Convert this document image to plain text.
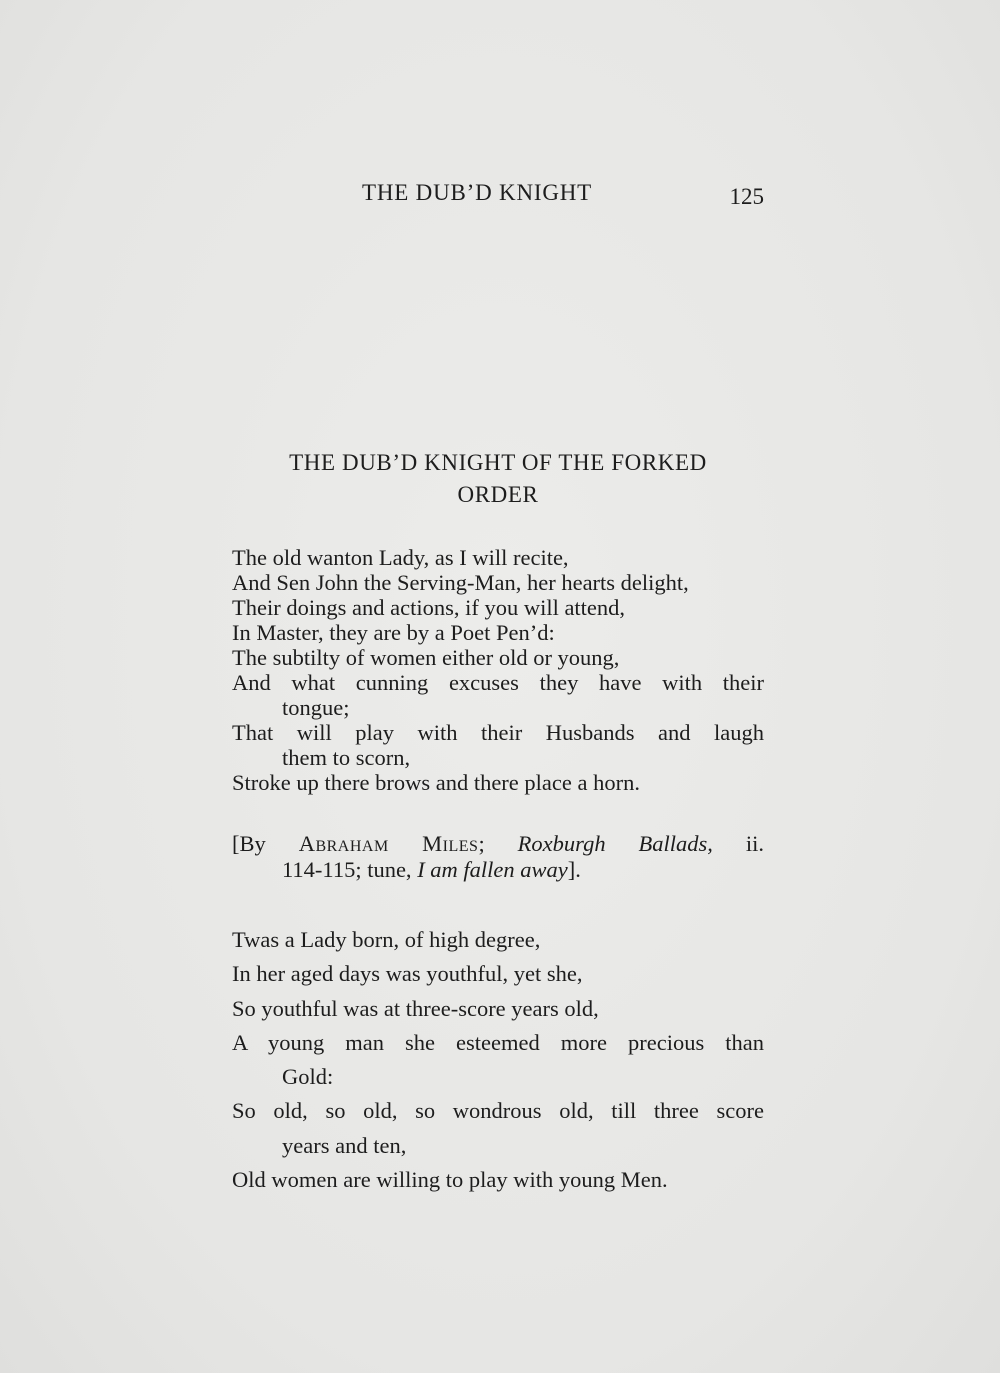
THE DUB’D KNIGHT	125
THE DUB’D KNIGHT OF THE FORKED
ORDER
The old wanton Lady, as I will recite,
And Sen John the Serving-Man, her hearts delight,
Their doings and actions, if you will attend,
In Master, they are by a Poet Pen’d:
The subtilty of women either old or young,
And what cunning excuses they have with their
tongue;
That will play with their Husbands and laugh
them to scorn,
Stroke up there brows and there place a horn.
[By Abraham Miles; Roxburgh Ballads, ii.
114-115; tune, I am fallen away].
Twas a Lady born, of high degree,
In her aged days was youthful, yet she,
So youthful was at three-score years old,
A young man she esteemed more precious than
Gold:
So old, so old, so wondrous old, till three score
years and ten,
Old women are willing to play with young Men.
